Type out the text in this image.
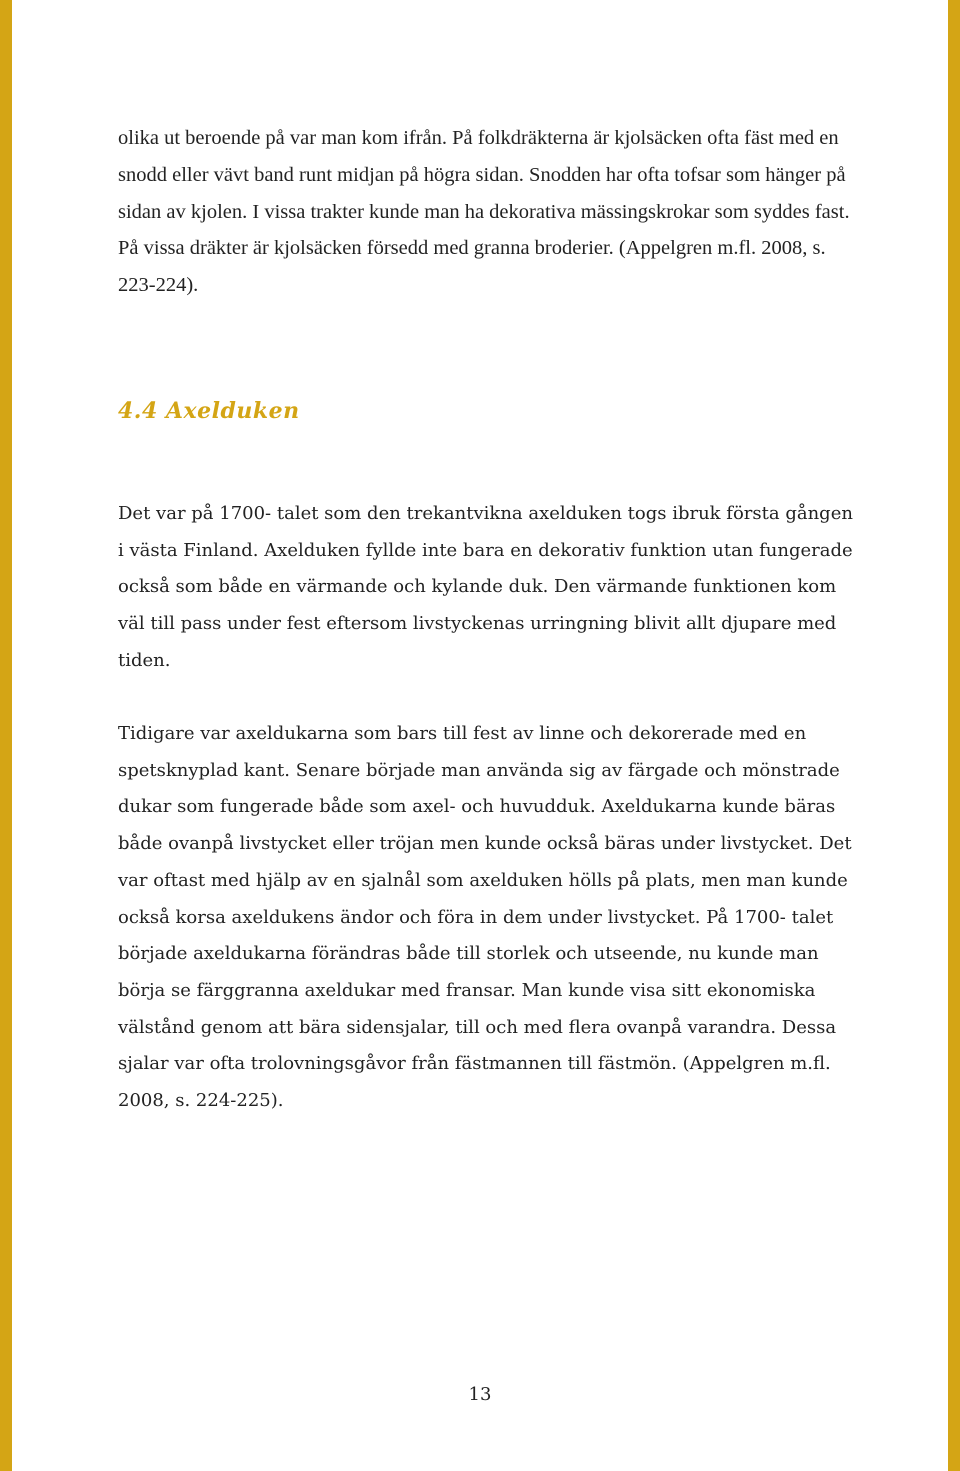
olika ut beroende på var man kom ifrån. På folkdräkterna är kjolsäcken ofta fäst med en snodd eller vävt band runt midjan på högra sidan. Snodden har ofta tofsar som hänger på sidan av kjolen. I vissa trakter kunde man ha dekorativa mässingskrokar som syddes fast. På vissa dräkter är kjolsäcken försedd med granna broderier. (Appelgren m.fl. 2008, s. 223-224).

4.4 Axelduken

Det var på 1700- talet som den trekantvikna axelduken togs ibruk första gången i västa Finland. Axelduken fyllde inte bara en dekorativ funktion utan fungerade också som både en värmande och kylande duk. Den värmande funktionen kom väl till pass under fest eftersom livstyckenas urringning blivit allt djupare med tiden.

Tidigare var axeldukarna som bars till fest av linne och dekorerade med en spetsknyplad kant. Senare började man använda sig av färgade och mönstrade dukar som fungerade både som axel- och huvudduk. Axeldukarna kunde bäras både ovanpå livstycket eller tröjan men kunde också bäras under livstycket. Det var oftast med hjälp av en sjalnål som axelduken hölls på plats, men man kunde också korsa axeldukens ändor och föra in dem under livstycket. På 1700- talet började axeldukarna förändras både till storlek och utseende, nu kunde man börja se färggranna axeldukar med fransar. Man kunde visa sitt ekonomiska välstånd genom att bära sidensjalar, till och med flera ovanpå varandra. Dessa sjalar var ofta trolovningsgåvor från fästmannen till fästmön. (Appelgren m.fl. 2008, s. 224-225).

13
